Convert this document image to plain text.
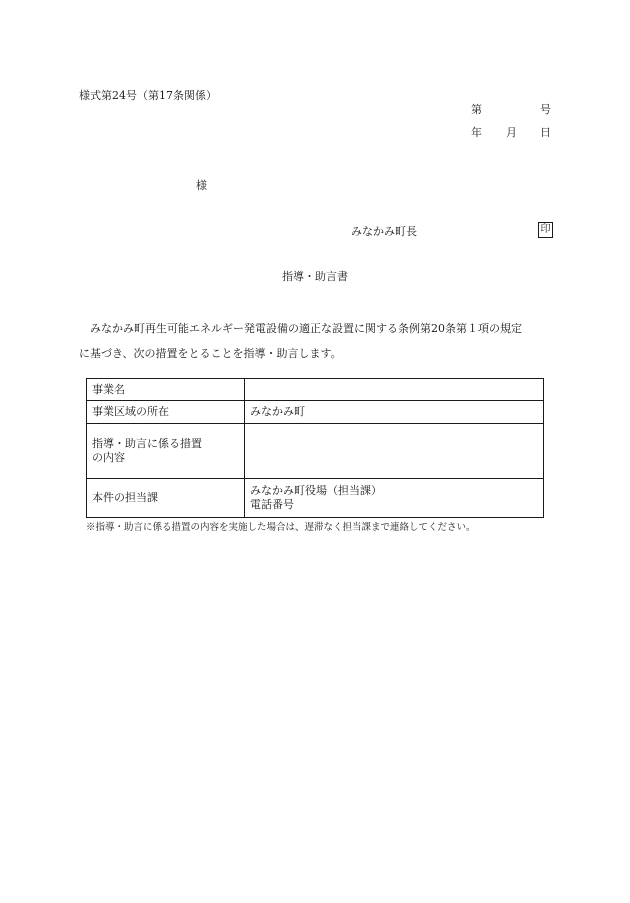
様式第24号（第17条関係）
第	号
年 月 日
様
みなかみ町長	印
指導・助言書
みなかみ町再生可能エネルギー発電設備の適正な設置に関する条例第20条第１項の規定
に基づき、次の措置をとることを指導・助言します。
事業名	
事業区域の所在	みなかみ町

指導・助言に係る措置
の内容	

本件の担当課	みなかみ町役場（担当課）
電話番号
※指導・助言に係る措置の内容を実施した場合は、遅滞なく担当課まで連絡してください。
